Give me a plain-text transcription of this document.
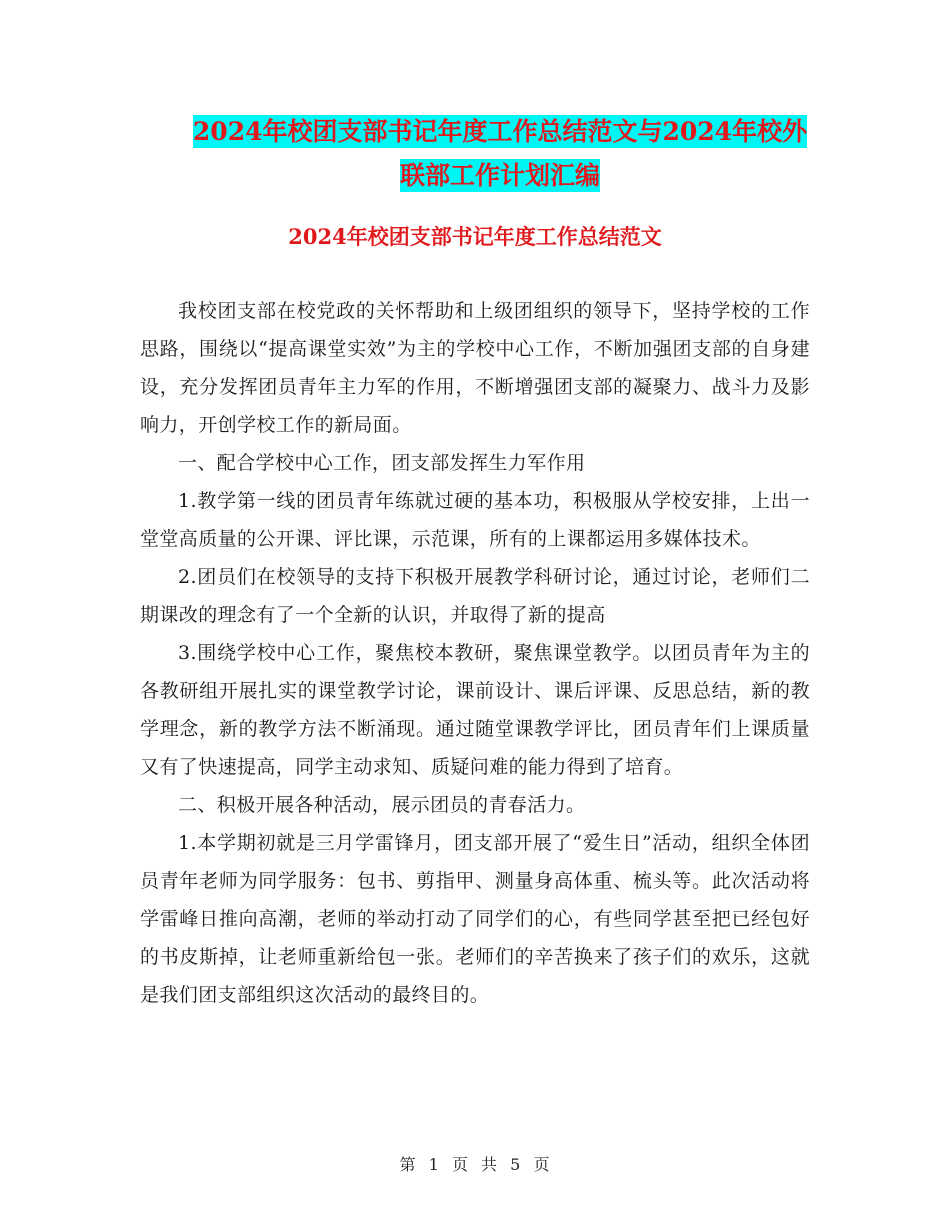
2024年校团支部书记年度工作总结范文与2024年校外
联部工作计划汇编
2024年校团支部书记年度工作总结范文

我校团支部在校党政的关怀帮助和上级团组织的领导下，坚持学校的工作思路，围绕以“提高课堂实效”为主的学校中心工作，不断加强团支部的自身建设，充分发挥团员青年主力军的作用，不断增强团支部的凝聚力、战斗力及影响力，开创学校工作的新局面。

一、配合学校中心工作，团支部发挥生力军作用

1.教学第一线的团员青年练就过硬的基本功，积极服从学校安排，上出一堂堂高质量的公开课、评比课，示范课，所有的上课都运用多媒体技术。

2.团员们在校领导的支持下积极开展教学科研讨论，通过讨论，老师们二期课改的理念有了一个全新的认识，并取得了新的提高

3.围绕学校中心工作，聚焦校本教研，聚焦课堂教学。以团员青年为主的各教研组开展扎实的课堂教学讨论，课前设计、课后评课、反思总结，新的教学理念，新的教学方法不断涌现。通过随堂课教学评比，团员青年们上课质量又有了快速提高，同学主动求知、质疑问难的能力得到了培育。

二、积极开展各种活动，展示团员的青春活力。

1.本学期初就是三月学雷锋月，团支部开展了“爱生日”活动，组织全体团员青年老师为同学服务：包书、剪指甲、测量身高体重、梳头等。此次活动将学雷峰日推向高潮，老师的举动打动了同学们的心，有些同学甚至把已经包好的书皮斯掉，让老师重新给包一张。老师们的辛苦换来了孩子们的欢乐，这就是我们团支部组织这次活动的最终目的。

第 1 页 共 5 页
